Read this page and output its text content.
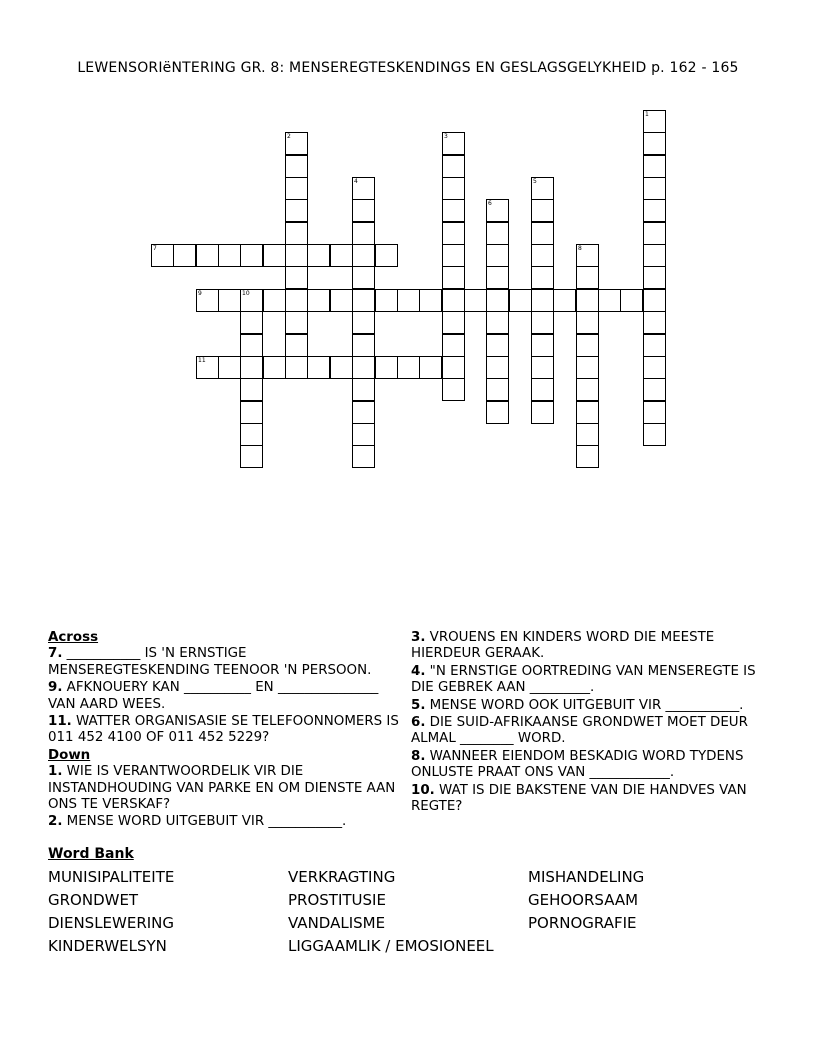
LEWENSORIëNTERING GR. 8: MENSEREGTESKENDINGS EN GESLAGSGELYKHEID p. 162 - 165
1
2	3
4	5
6
7	8
9	10
11
Across
7. ___________ IS 'N ERNSTIGE MENSEREGTESKENDING TEENOOR 'N PERSOON.
9. AFKNOUERY KAN __________ EN _______________ VAN AARD WEES.
11. WATTER ORGANISASIE SE TELEFOONNOMERS IS 011 452 4100 OF 011 452 5229?
Down
1. WIE IS VERANTWOORDELIK VIR DIE INSTANDHOUDING VAN PARKE EN OM DIENSTE AAN ONS TE VERSKAF?
2. MENSE WORD UITGEBUIT VIR ___________.
3. VROUENS EN KINDERS WORD DIE MEESTE HIERDEUR GERAAK.
4. "N ERNSTIGE OORTREDING VAN MENSEREGTE IS DIE GEBREK AAN _________.
5. MENSE WORD OOK UITGEBUIT VIR ___________.
6. DIE SUID-AFRIKAANSE GRONDWET MOET DEUR ALMAL ________ WORD.
8. WANNEER EIENDOM BESKADIG WORD TYDENS ONLUSTE PRAAT ONS VAN ____________.
10. WAT IS DIE BAKSTENE VAN DIE HANDVES VAN REGTE?
Word Bank
MUNISIPALITEITE	VERKRAGTING	MISHANDELING
GRONDWET	PROSTITUSIE	GEHOORSAAM
DIENSLEWERING	VANDALISME	PORNOGRAFIE
KINDERWELSYN	LIGGAAMLIK / EMOSIONEEL
